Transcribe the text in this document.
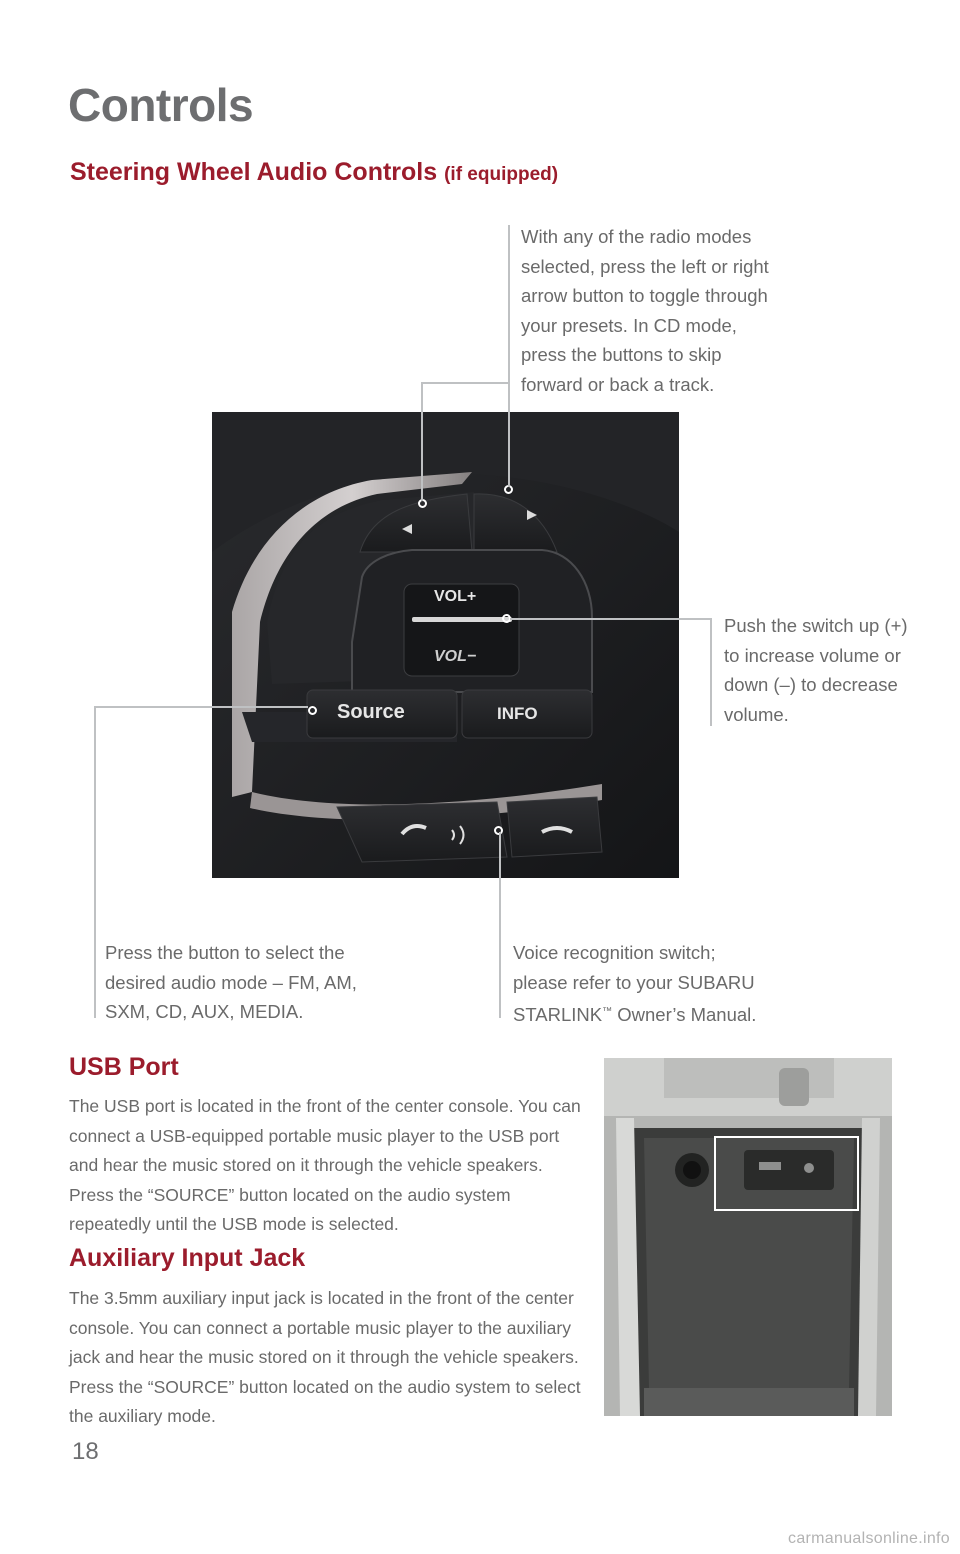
Controls
Steering Wheel Audio Controls (if equipped)
With any of the radio modes selected, press the left or right arrow button to toggle through your presets. In CD mode, press the buttons to skip forward or back a track.
VOL+
VOL−
Source	INFO
Push the switch up (+) to increase volume or down (–) to decrease volume.
Press the button to select the desired audio mode – FM, AM, SXM, CD, AUX, MEDIA.
Voice recognition switch;
please refer to your SUBARU
STARLINK™ Owner’s Manual.
USB Port
The USB port is located in the front of the center console. You can connect a USB-equipped portable music player to the USB port and hear the music stored on it through the vehicle speakers. Press the “SOURCE” button located on the audio system repeatedly until the USB mode is selected.
Auxiliary Input Jack
The 3.5mm auxiliary input jack is located in the front of the center console. You can connect a portable music player to the auxiliary jack and hear the music stored on it through the vehicle speakers. Press the “SOURCE” button located on the audio system to select the auxiliary mode.
18
carmanualsonline.info
